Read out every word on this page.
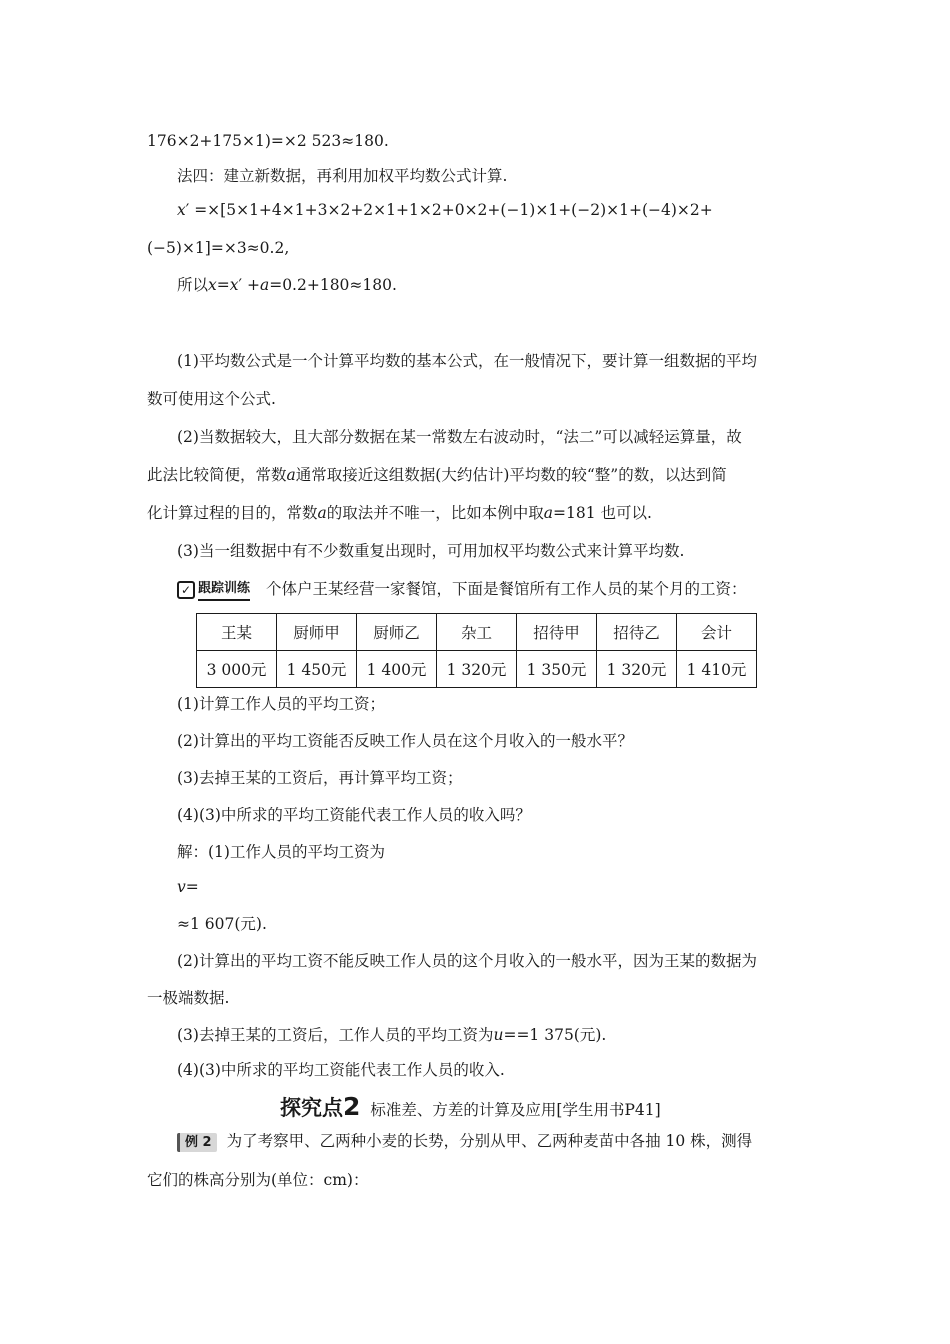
176×2+175×1)=×2 523≈180.
法四：建立新数据，再利用加权平均数公式计算.
x′ =×[5×1+4×1+3×2+2×1+1×2+0×2+(−1)×1+(−2)×1+(−4)×2+
(−5)×1]=×3≈0.2,
所以x=x′ +a=0.2+180≈180.
(1)平均数公式是一个计算平均数的基本公式，在一般情况下，要计算一组数据的平均
数可使用这个公式.
(2)当数据较大，且大部分数据在某一常数左右波动时，“法二”可以减轻运算量，故
此法比较简便，常数a通常取接近这组数据(大约估计)平均数的较“整”的数，以达到简
化计算过程的目的，常数a的取法并不唯一，比如本例中取a=181 也可以.
(3)当一组数据中有不少数重复出现时，可用加权平均数公式来计算平均数.
✓ 跟踪训练 个体户王某经营一家餐馆，下面是餐馆所有工作人员的某个月的工资：
王某	厨师甲	厨师乙	杂工	招待甲	招待乙	会计
3 000元	1 450元	1 400元	1 320元	1 350元	1 320元	1 410元
(1)计算工作人员的平均工资；
(2)计算出的平均工资能否反映工作人员在这个月收入的一般水平？
(3)去掉王某的工资后，再计算平均工资；
(4)(3)中所求的平均工资能代表工作人员的收入吗？
解：(1)工作人员的平均工资为
v=
≈1 607(元).
(2)计算出的平均工资不能反映工作人员的这个月收入的一般水平，因为王某的数据为
一极端数据.
(3)去掉王某的工资后，工作人员的平均工资为u==1 375(元).
(4)(3)中所求的平均工资能代表工作人员的收入.
探究点2 标准差、方差的计算及应用[学生用书P41]
例 2 为了考察甲、乙两种小麦的长势，分别从甲、乙两种麦苗中各抽 10 株，测得
它们的株高分别为(单位：cm)：
